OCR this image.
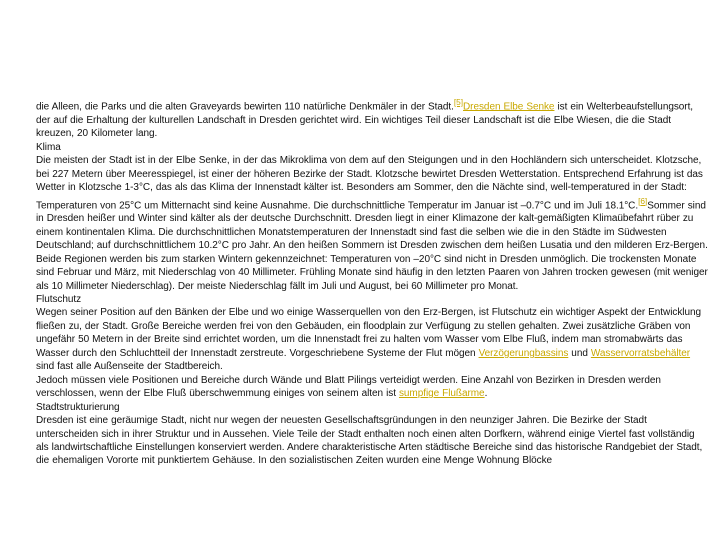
die Alleen, die Parks und die alten Graveyards bewirten 110 natürliche Denkmäler in der Stadt.[5]Dresden Elbe Senke ist ein Welterbeaufstellungsort, der auf die Erhaltung der kulturellen Landschaft in Dresden gerichtet wird. Ein wichtiges Teil dieser Landschaft ist die Elbe Wiesen, die die Stadt kreuzen, 20 Kilometer lang.

Klima

Die meisten der Stadt ist in der Elbe Senke, in der das Mikroklima von dem auf den Steigungen und in den Hochländern sich unterscheidet. Klotzsche, bei 227 Metern über Meeresspiegel, ist einer der höheren Bezirke der Stadt. Klotzsche bewirtet Dresden Wetterstation. Entsprechend Erfahrung ist das Wetter in Klotzsche 1-3°C, das als das Klima der Innenstadt kälter ist. Besonders am Sommer, den die Nächte sind, well-temperatured in der Stadt: Temperaturen von 25°C um Mitternacht sind keine Ausnahme. Die durchschnittliche Temperatur im Januar ist –0.7°C und im Juli 18.1°C.[6]Sommer sind in Dresden heißer und Winter sind kälter als der deutsche Durchschnitt. Dresden liegt in einer Klimazone der kalt-gemäßigten Klimaübefahrt rüber zu einem kontinentalen Klima. Die durchschnittlichen Monatstemperaturen der Innenstadt sind fast die selben wie die in den Städte im Südwesten Deutschland; auf durchschnittlichem 10.2°C pro Jahr. An den heißen Sommern ist Dresden zwischen dem heißen Lusatia und den milderen Erz-Bergen. Beide Regionen werden bis zum starken Wintern gekennzeichnet: Temperaturen von –20°C sind nicht in Dresden unmöglich. Die trockensten Monate sind Februar und März, mit Niederschlag von 40 Millimeter. Frühling Monate sind häufig in den letzten Paaren von Jahren trocken gewesen (mit weniger als 10 Millimeter Niederschlag). Der meiste Niederschlag fällt im Juli und August, bei 60 Millimeter pro Monat.

Flutschutz

Wegen seiner Position auf den Bänken der Elbe und wo einige Wasserquellen von den Erz-Bergen, ist Flutschutz ein wichtiger Aspekt der Entwicklung fließen zu, der Stadt. Große Bereiche werden frei von den Gebäuden, ein floodplain zur Verfügung zu stellen gehalten. Zwei zusätzliche Gräben von ungefähr 50 Metern in der Breite sind errichtet worden, um die Innenstadt frei zu halten vom Wasser vom Elbe Fluß, indem man stromabwärts das Wasser durch den Schluchtteil der Innenstadt zerstreute. Vorgeschriebene Systeme der Flut mögen Verzögerungbassins und Wasservorratsbehälter sind fast alle Außenseite der Stadtbereich.

Jedoch müssen viele Positionen und Bereiche durch Wände und Blatt Pilings verteidigt werden. Eine Anzahl von Bezirken in Dresden werden verschlossen, wenn der Elbe Fluß überschwemmung einiges von seinem alten ist sumpfige Flußarme.

Stadtstrukturierung

Dresden ist eine geräumige Stadt, nicht nur wegen der neuesten Gesellschaftsgründungen in den neunziger Jahren. Die Bezirke der Stadt unterscheiden sich in ihrer Struktur und in Aussehen. Viele Teile der Stadt enthalten noch einen alten Dorfkern, während einige Viertel fast vollständig als landwirtschaftliche Einstellungen konserviert werden. Andere charakteristische Arten städtische Bereiche sind das historische Randgebiet der Stadt, die ehemaligen Vororte mit punktiertem Gehäuse. In den sozialistischen Zeiten wurden eine Menge Wohnung Blöcke
